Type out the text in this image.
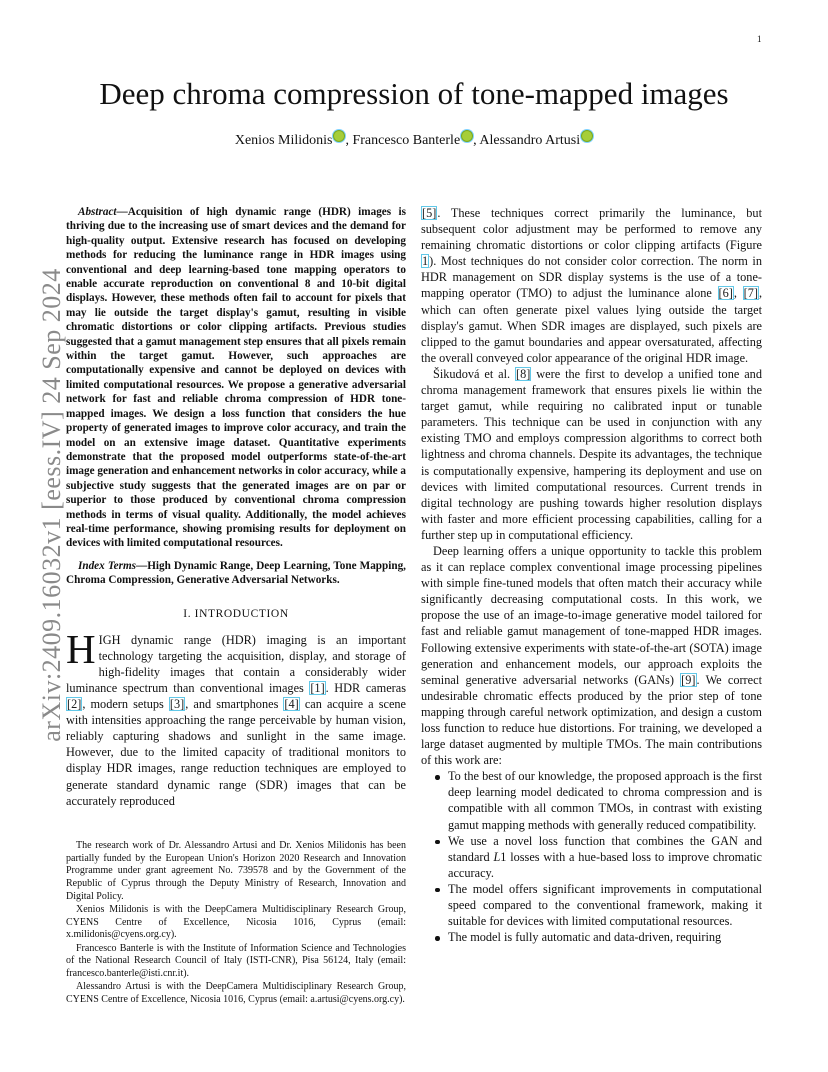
1
arXiv:2409.16032v1 [eess.IV] 24 Sep 2024
Deep chroma compression of tone-mapped images
Xenios Milidonis , Francesco Banterle , Alessandro Artusi

Abstract—Acquisition of high dynamic range (HDR) images is thriving due to the increasing use of smart devices and the demand for high-quality output. Extensive research has focused on developing methods for reducing the luminance range in HDR images using conventional and deep learning-based tone mapping operators to enable accurate reproduction on conventional 8 and 10-bit digital displays. However, these methods often fail to account for pixels that may lie outside the target display's gamut, resulting in visible chromatic distortions or color clipping artifacts. Previous studies suggested that a gamut management step ensures that all pixels remain within the target gamut. However, such approaches are computationally expensive and cannot be deployed on devices with limited computational resources. We propose a generative adversarial network for fast and reliable chroma compression of HDR tone-mapped images. We design a loss function that considers the hue property of generated images to improve color accuracy, and train the model on an extensive image dataset. Quantitative experiments demonstrate that the proposed model outperforms state-of-the-art image generation and enhancement networks in color accuracy, while a subjective study suggests that the generated images are on par or superior to those produced by conventional chroma compression methods in terms of visual quality. Additionally, the model achieves real-time performance, showing promising results for deployment on devices with limited computational resources.

Index Terms—High Dynamic Range, Deep Learning, Tone Mapping, Chroma Compression, Generative Adversarial Networks.

I. INTRODUCTION

HIGH dynamic range (HDR) imaging is an important technology targeting the acquisition, display, and storage of high-fidelity images that contain a considerably wider luminance spectrum than conventional images [1]. HDR cameras [2], modern setups [3], and smartphones [4] can acquire a scene with intensities approaching the range perceivable by human vision, reliably capturing shadows and sunlight in the same image. However, due to the limited capacity of traditional monitors to display HDR images, range reduction techniques are employed to generate standard dynamic range (SDR) images that can be accurately reproduced

[5]. These techniques correct primarily the luminance, but subsequent color adjustment may be performed to remove any remaining chromatic distortions or color clipping artifacts (Figure 1). Most techniques do not consider color correction. The norm in HDR management on SDR display systems is the use of a tone-mapping operator (TMO) to adjust the luminance alone [6], [7], which can often generate pixel values lying outside the target display's gamut. When SDR images are displayed, such pixels are clipped to the gamut boundaries and appear oversaturated, affecting the overall conveyed color appearance of the original HDR image.

Šikudová et al. [8] were the first to develop a unified tone and chroma management framework that ensures pixels lie within the target gamut, while requiring no calibrated input or tunable parameters. This technique can be used in conjunction with any existing TMO and employs compression algorithms to correct both lightness and chroma channels. Despite its advantages, the technique is computationally expensive, hampering its deployment and use on devices with limited computational resources. Current trends in digital technology are pushing towards higher resolution displays with faster and more efficient processing capabilities, calling for a further step up in computational efficiency.

Deep learning offers a unique opportunity to tackle this problem as it can replace complex conventional image processing pipelines with simple fine-tuned models that often match their accuracy while significantly decreasing computational costs. In this work, we propose the use of an image-to-image generative model tailored for fast and reliable gamut management of tone-mapped HDR images. Following extensive experiments with state-of-the-art (SOTA) image generation and enhancement models, our approach exploits the seminal generative adversarial networks (GANs) [9]. We correct undesirable chromatic effects produced by the prior step of tone mapping through careful network optimization, and design a custom loss function to reduce hue distortions. For training, we developed a large dataset augmented by multiple TMOs. The main contributions of this work are:

To the best of our knowledge, the proposed approach is the first deep learning model dedicated to chroma compression and is compatible with all common TMOs, in contrast with existing gamut mapping methods with generally reduced compatibility.
We use a novel loss function that combines the GAN and standard L1 losses with a hue-based loss to improve chromatic accuracy.
The model offers significant improvements in computational speed compared to the conventional framework, making it suitable for devices with limited computational resources.
The model is fully automatic and data-driven, requiring

The research work of Dr. Alessandro Artusi and Dr. Xenios Milidonis has been partially funded by the European Union's Horizon 2020 Research and Innovation Programme under grant agreement No. 739578 and by the Government of the Republic of Cyprus through the Deputy Ministry of Research, Innovation and Digital Policy.

Xenios Milidonis is with the DeepCamera Multidisciplinary Research Group, CYENS Centre of Excellence, Nicosia 1016, Cyprus (email: x.milidonis@cyens.org.cy).

Francesco Banterle is with the Institute of Information Science and Technologies of the National Research Council of Italy (ISTI-CNR), Pisa 56124, Italy (email: francesco.banterle@isti.cnr.it).

Alessandro Artusi is with the DeepCamera Multidisciplinary Research Group, CYENS Centre of Excellence, Nicosia 1016, Cyprus (email: a.artusi@cyens.org.cy).
